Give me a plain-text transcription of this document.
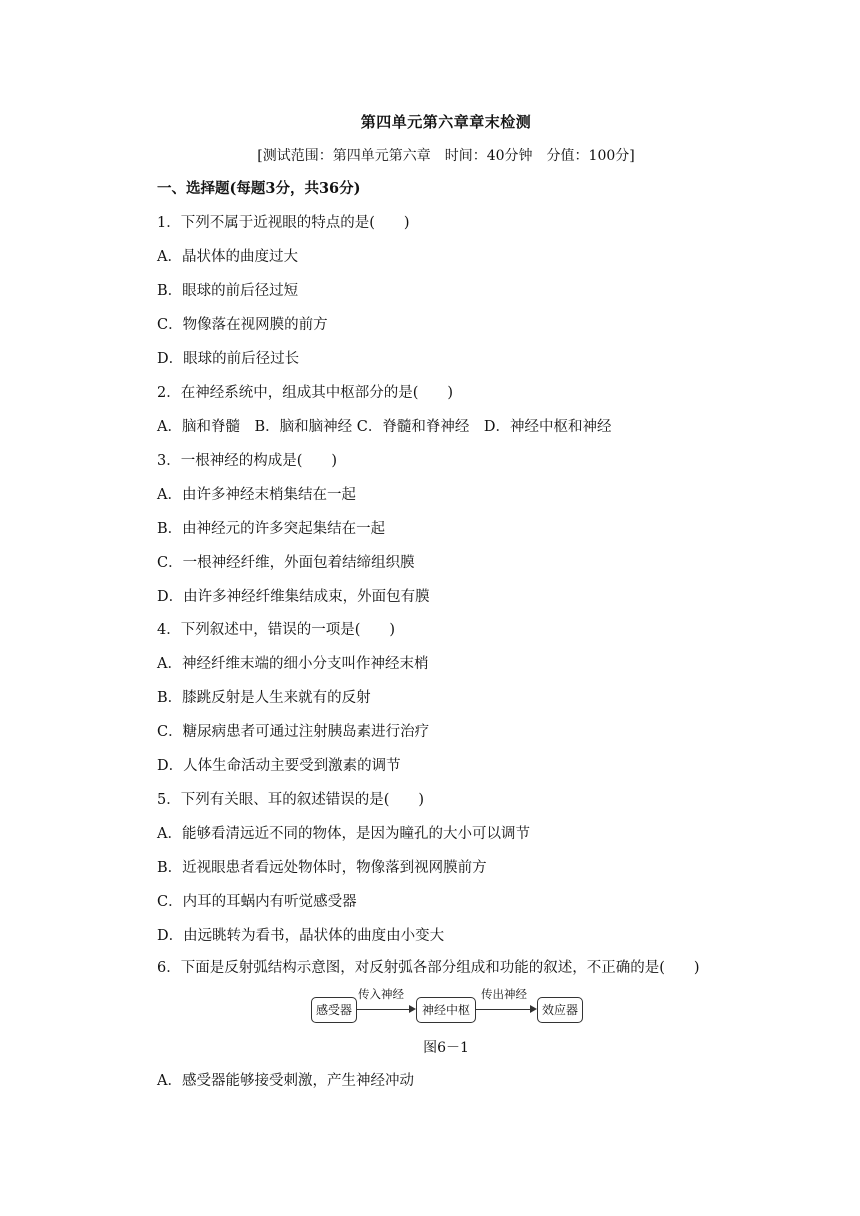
第四单元第六章章末检测
[测试范围：第四单元第六章　时间：40分钟　分值：100分]
一、选择题(每题3分，共36分)
1．下列不属于近视眼的特点的是(　　)
A．晶状体的曲度过大
B．眼球的前后径过短
C．物像落在视网膜的前方
D．眼球的前后径过长
2．在神经系统中，组成其中枢部分的是(　　)
A．脑和脊髓　B．脑和脑神经 C．脊髓和脊神经　D．神经中枢和神经
3．一根神经的构成是(　　)
A．由许多神经末梢集结在一起
B．由神经元的许多突起集结在一起
C．一根神经纤维，外面包着结缔组织膜
D．由许多神经纤维集结成束，外面包有膜
4．下列叙述中，错误的一项是(　　)
A．神经纤维末端的细小分支叫作神经末梢
B．膝跳反射是人生来就有的反射
C．糖尿病患者可通过注射胰岛素进行治疗
D．人体生命活动主要受到激素的调节
5．下列有关眼、耳的叙述错误的是(　　)
A．能够看清远近不同的物体，是因为瞳孔的大小可以调节
B．近视眼患者看远处物体时，物像落到视网膜前方
C．内耳的耳蜗内有听觉感受器
D．由远眺转为看书，晶状体的曲度由小变大
6．下面是反射弧结构示意图，对反射弧各部分组成和功能的叙述，不正确的是(　　)
感受器
传入神经
神经中枢
传出神经
效应器
图6－1
A．感受器能够接受刺激，产生神经冲动
